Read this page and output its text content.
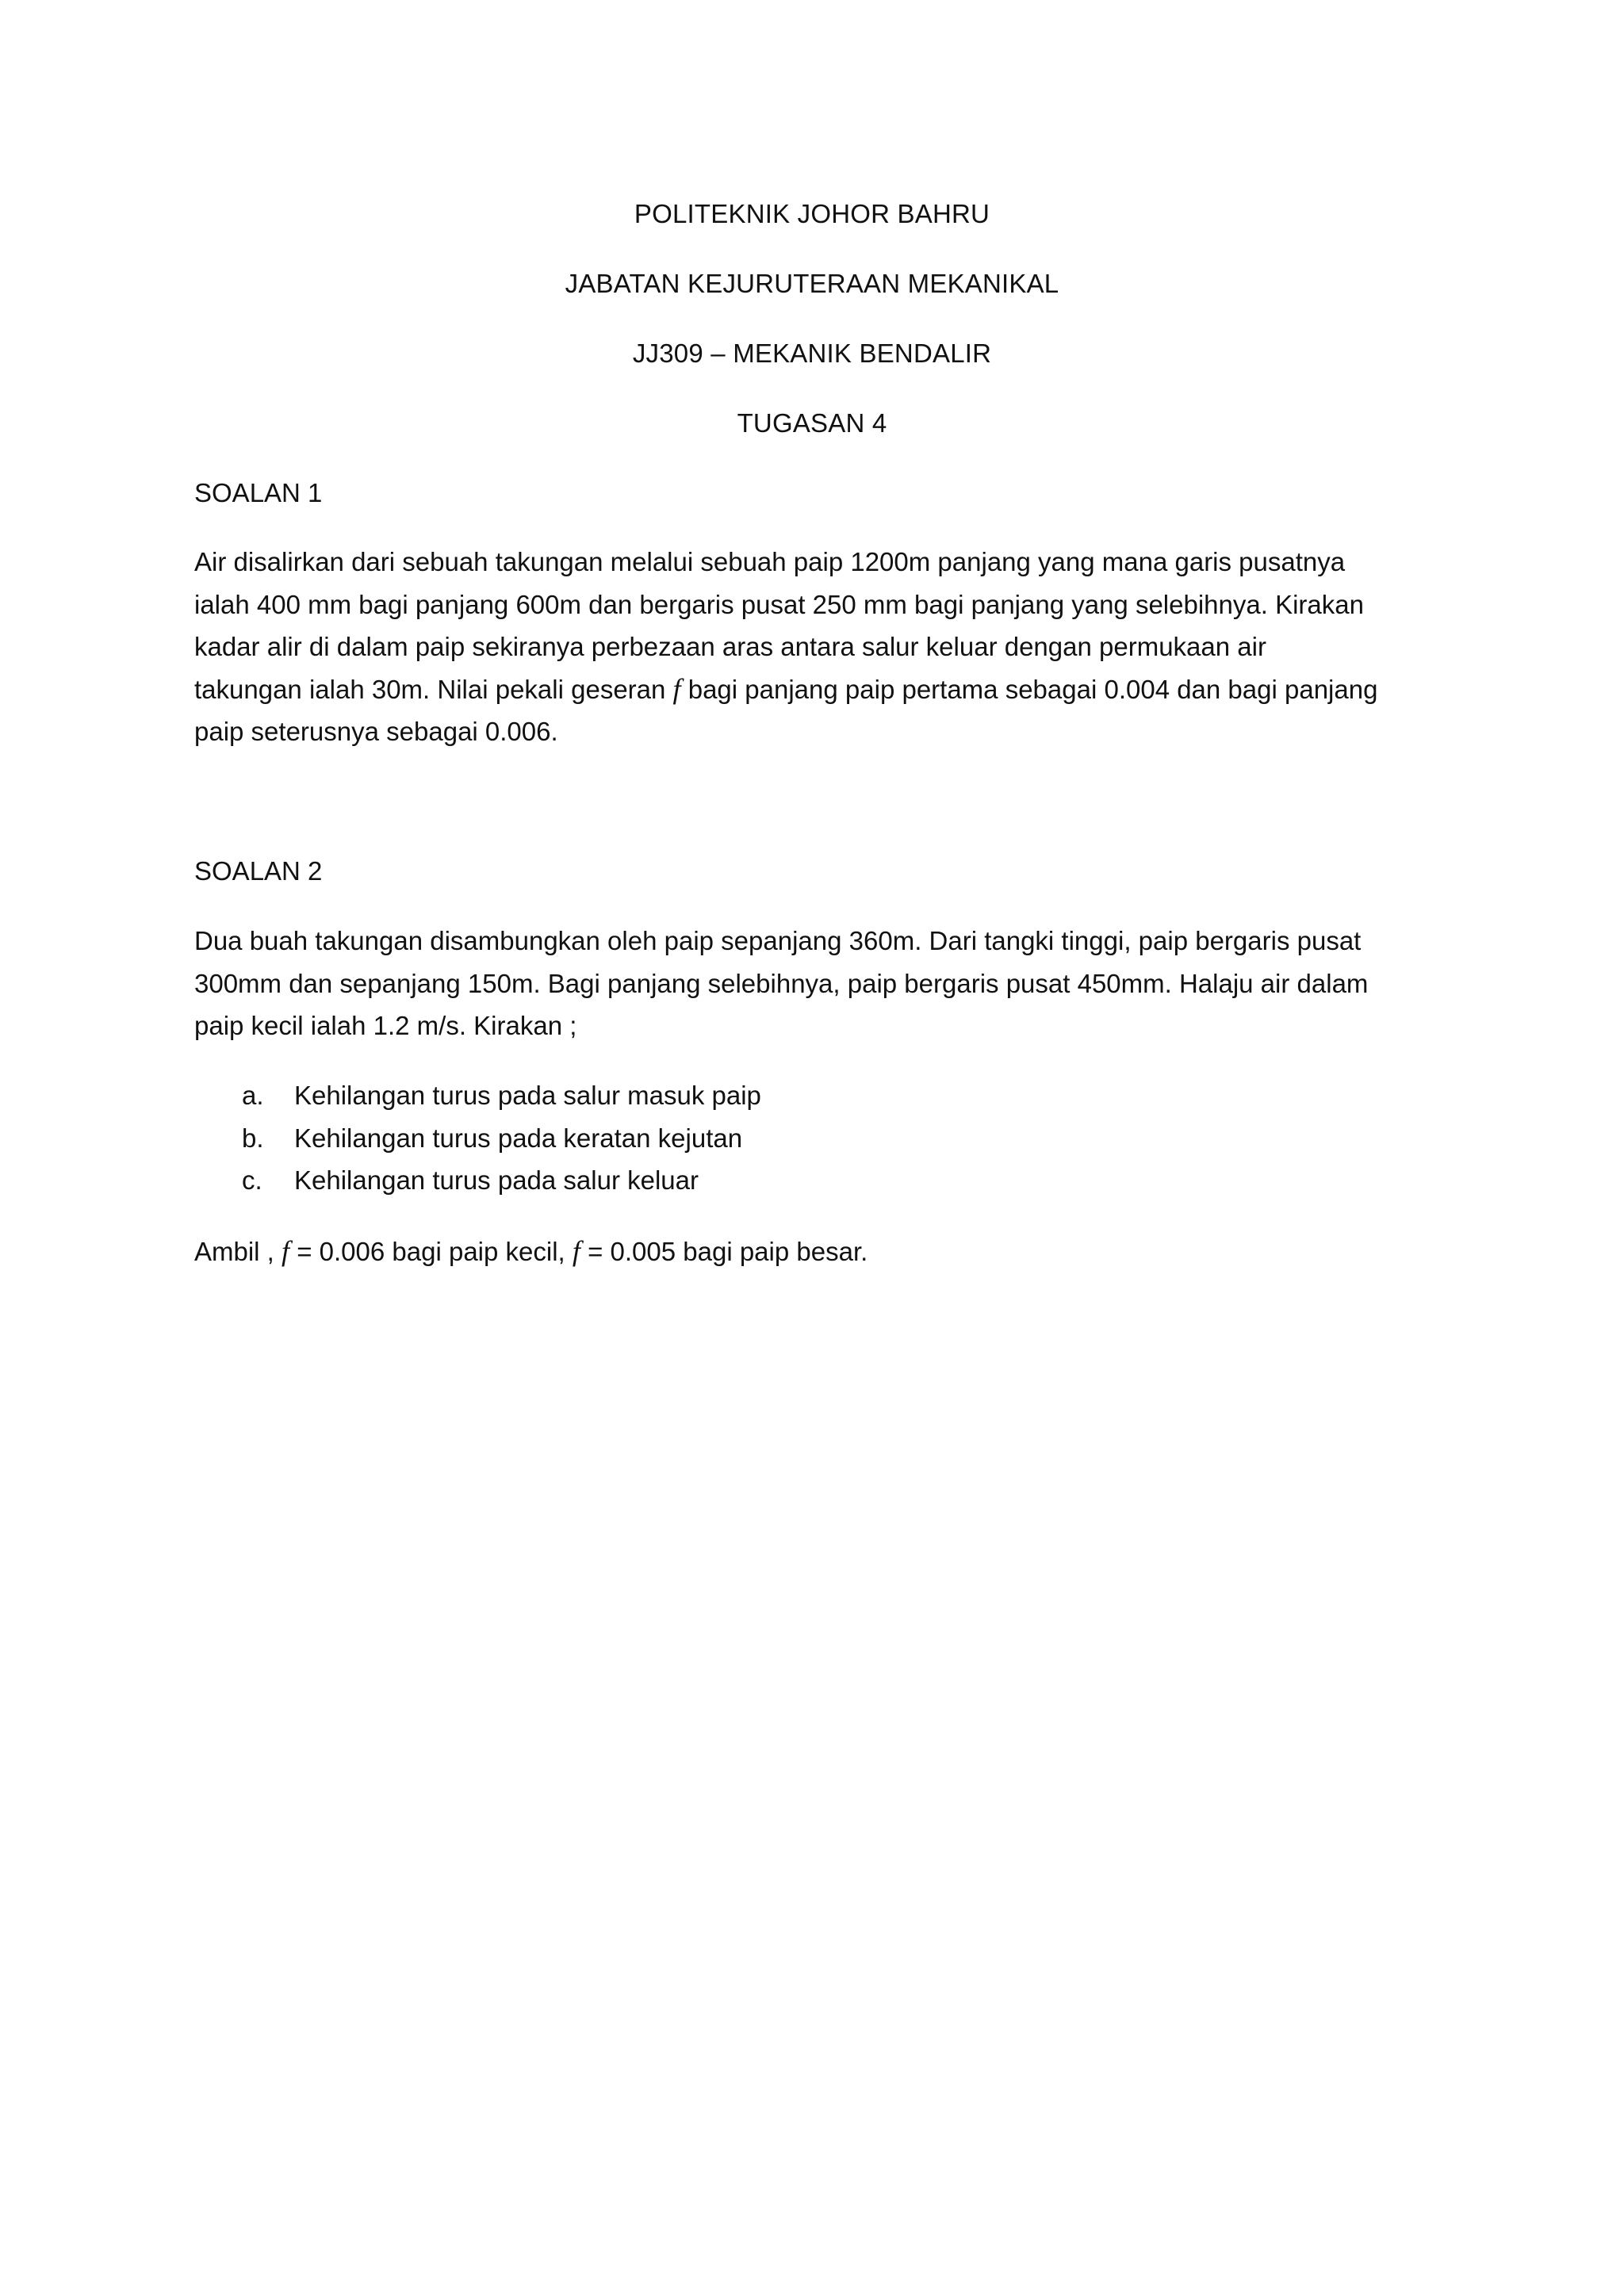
POLITEKNIK JOHOR BAHRU
JABATAN KEJURUTERAAN MEKANIKAL
JJ309 – MEKANIK BENDALIR
TUGASAN 4
SOALAN 1
Air disalirkan dari sebuah takungan melalui sebuah paip 1200m panjang yang mana garis pusatnya
ialah 400 mm bagi panjang 600m dan bergaris pusat 250 mm bagi panjang yang selebihnya. Kirakan
kadar alir di dalam paip sekiranya perbezaan aras antara salur keluar dengan permukaan air
takungan ialah 30m. Nilai pekali geseran f bagi panjang paip pertama sebagai 0.004 dan bagi panjang
paip seterusnya sebagai 0.006.
SOALAN 2
Dua buah takungan disambungkan oleh paip sepanjang 360m. Dari tangki tinggi, paip bergaris pusat
300mm dan sepanjang 150m. Bagi panjang selebihnya, paip bergaris pusat 450mm. Halaju air dalam
paip kecil ialah 1.2 m/s. Kirakan ;
a. Kehilangan turus pada salur masuk paip
b. Kehilangan turus pada keratan kejutan
c. Kehilangan turus pada salur keluar
Ambil , f = 0.006 bagi paip kecil, f = 0.005 bagi paip besar.
